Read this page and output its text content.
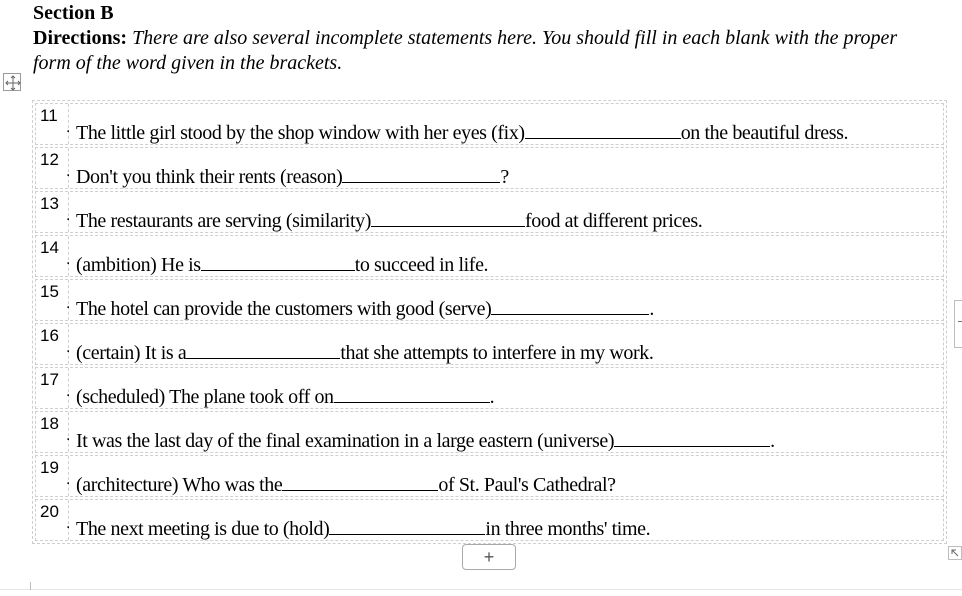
Section B
Directions: There are also several incomplete statements here. You should fill in each blank with the proper form of the word given in the brackets.
11
. The little girl stood by the shop window with her eyes (fix)	on the beautiful dress.
12
. Don't you think their rents (reason)	?
13
. The restaurants are serving (similarity)	food at different prices.
14
. (ambition) He is	to succeed in life.
15
. The hotel can provide the customers with good (serve)	.
16
. (certain) It is a	that she attempts to interfere in my work.
17
. (scheduled) The plane took off on	.
18
. It was the last day of the final examination in a large eastern (universe)	.
19
. (architecture) Who was the	of St. Paul's Cathedral?
20
. The next meeting is due to (hold)	in three months' time.
+
